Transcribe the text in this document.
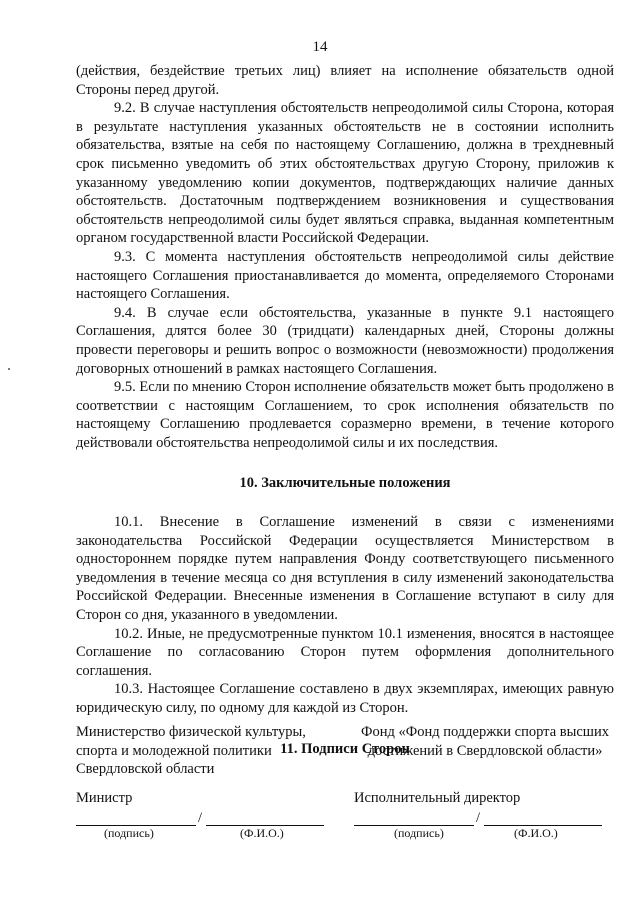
14

(действия, бездействие третьих лиц) влияет на исполнение обязательств одной Стороны перед другой.

9.2. В случае наступления обстоятельств непреодолимой силы Сторона, которая в результате наступления указанных обстоятельств не в состоянии исполнить обязательства, взятые на себя по настоящему Соглашению, должна в трехдневный срок письменно уведомить об этих обстоятельствах другую Сторону, приложив к указанному уведомлению копии документов, подтверждающих наличие данных обстоятельств. Достаточным подтверждением возникновения и существования обстоятельств непреодолимой силы будет являться справка, выданная компетентным органом государственной власти Российской Федерации.

9.3. С момента наступления обстоятельств непреодолимой силы действие настоящего Соглашения приостанавливается до момента, определяемого Сторонами настоящего Соглашения.

9.4. В случае если обстоятельства, указанные в пункте 9.1 настоящего Соглашения, длятся более 30 (тридцати) календарных дней, Стороны должны провести переговоры и решить вопрос о возможности (невозможности) продолжения договорных отношений в рамках настоящего Соглашения.

9.5. Если по мнению Сторон исполнение обязательств может быть продолжено в соответствии с настоящим Соглашением, то срок исполнения обязательств по настоящему Соглашению продлевается соразмерно времени, в течение которого действовали обстоятельства непреодолимой силы и их последствия.

10. Заключительные положения

10.1. Внесение в Соглашение изменений в связи с изменениями законодательства Российской Федерации осуществляется Министерством в одностороннем порядке путем направления Фонду соответствующего письменного уведомления в течение месяца со дня вступления в силу изменений законодательства Российской Федерации. Внесенные изменения в Соглашение вступают в силу для Сторон со дня, указанного в уведомлении.

10.2. Иные, не предусмотренные пунктом 10.1 изменения, вносятся в настоящее Соглашение по согласованию Сторон путем оформления дополнительного соглашения.

10.3. Настоящее Соглашение составлено в двух экземплярах, имеющих равную юридическую силу, по одному для каждой из Сторон.

11. Подписи Сторон

Министерство физической культуры, спорта и молодежной политики Свердловской области
Министр
/
(подпись)	(Ф.И.О.)
Фонд «Фонд поддержки спорта высших достижений в Свердловской области»
Исполнительный директор
/
(подпись)	(Ф.И.О.)
